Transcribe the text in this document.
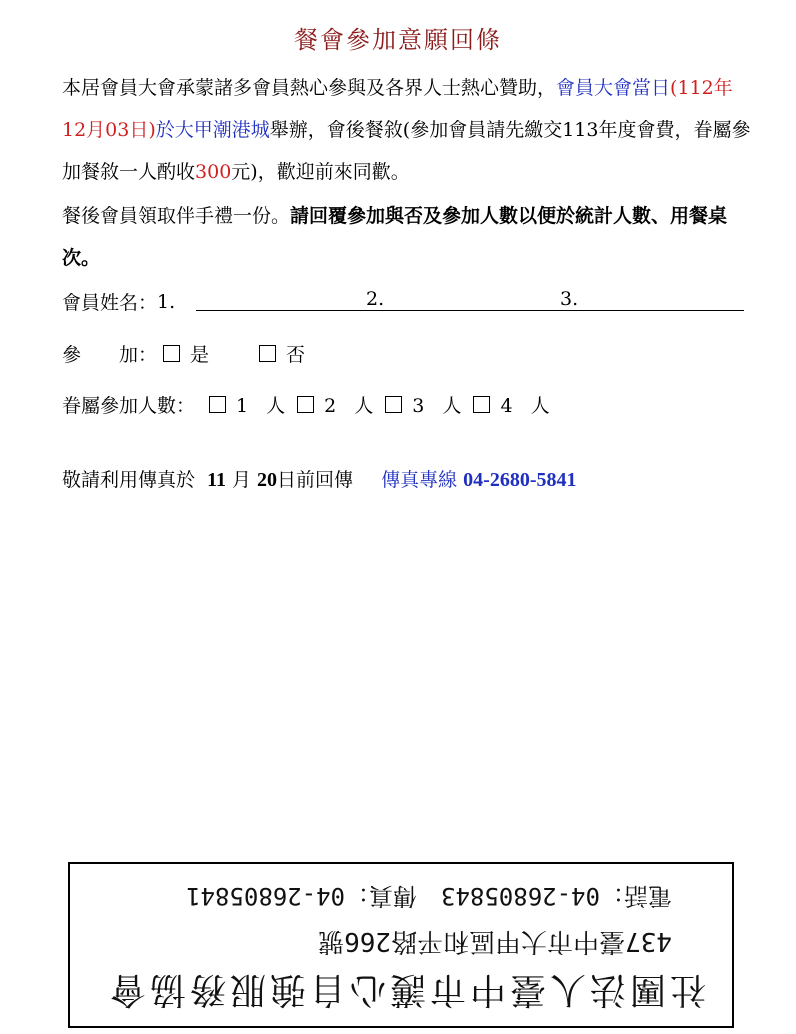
餐會參加意願回條
本居會員大會承蒙諸多會員熱心參與及各界人士熱心贊助，會員大會當日(112年12月03日)於大甲潮港城舉辦，會後餐敘(參加會員請先繳交113年度會費，眷屬參加餐敘一人酌收300元)，歡迎前來同歡。
餐後會員領取伴手禮一份。請回覆參加與否及參加人數以便於統計人數、用餐桌次。
會員姓名： 1.	2.	3.
參　　加： 是	否
眷屬參加人數： 1 人 2 人 3 人 4 人
敬請利用傳真於 11 月 20日前回傳 傳真專線 04-2680-5841
社團法人臺中市護心自強服務協會
437臺中市大甲區和平路266號
電話：04-26805843　傳真：04-26805841
